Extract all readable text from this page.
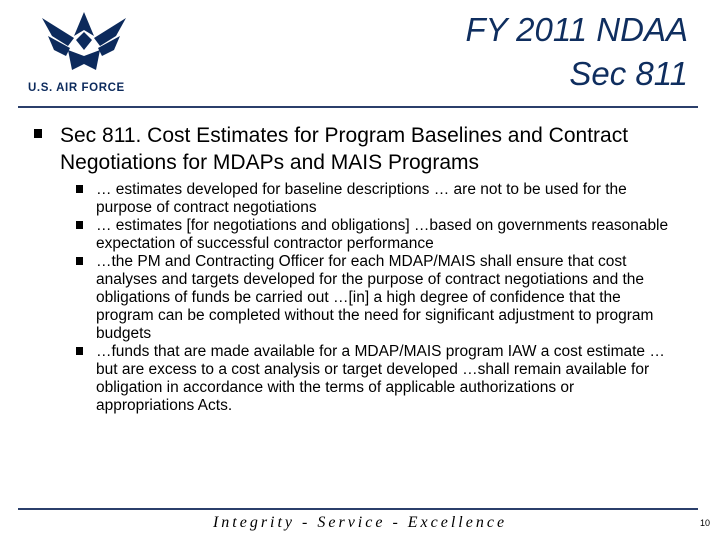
U.S. AIR FORCE
FY 2011 NDAA
Sec 811
Sec 811. Cost Estimates for Program Baselines and Contract Negotiations for MDAPs and MAIS Programs
… estimates developed for baseline descriptions … are not to be used for the purpose of contract negotiations
… estimates [for negotiations and obligations] …based on governments reasonable expectation of successful contractor performance
…the PM and Contracting Officer for each MDAP/MAIS shall ensure that cost analyses and targets developed for the purpose of contract negotiations and the obligations of funds be carried out …[in] a high degree of confidence that the program can be completed without the need for significant adjustment to program budgets
…funds that are made available for a MDAP/MAIS program IAW a cost estimate …but are excess to a cost analysis or target developed …shall remain available for obligation in accordance with the terms of applicable authorizations or appropriations Acts.
Integrity - Service - Excellence	10
